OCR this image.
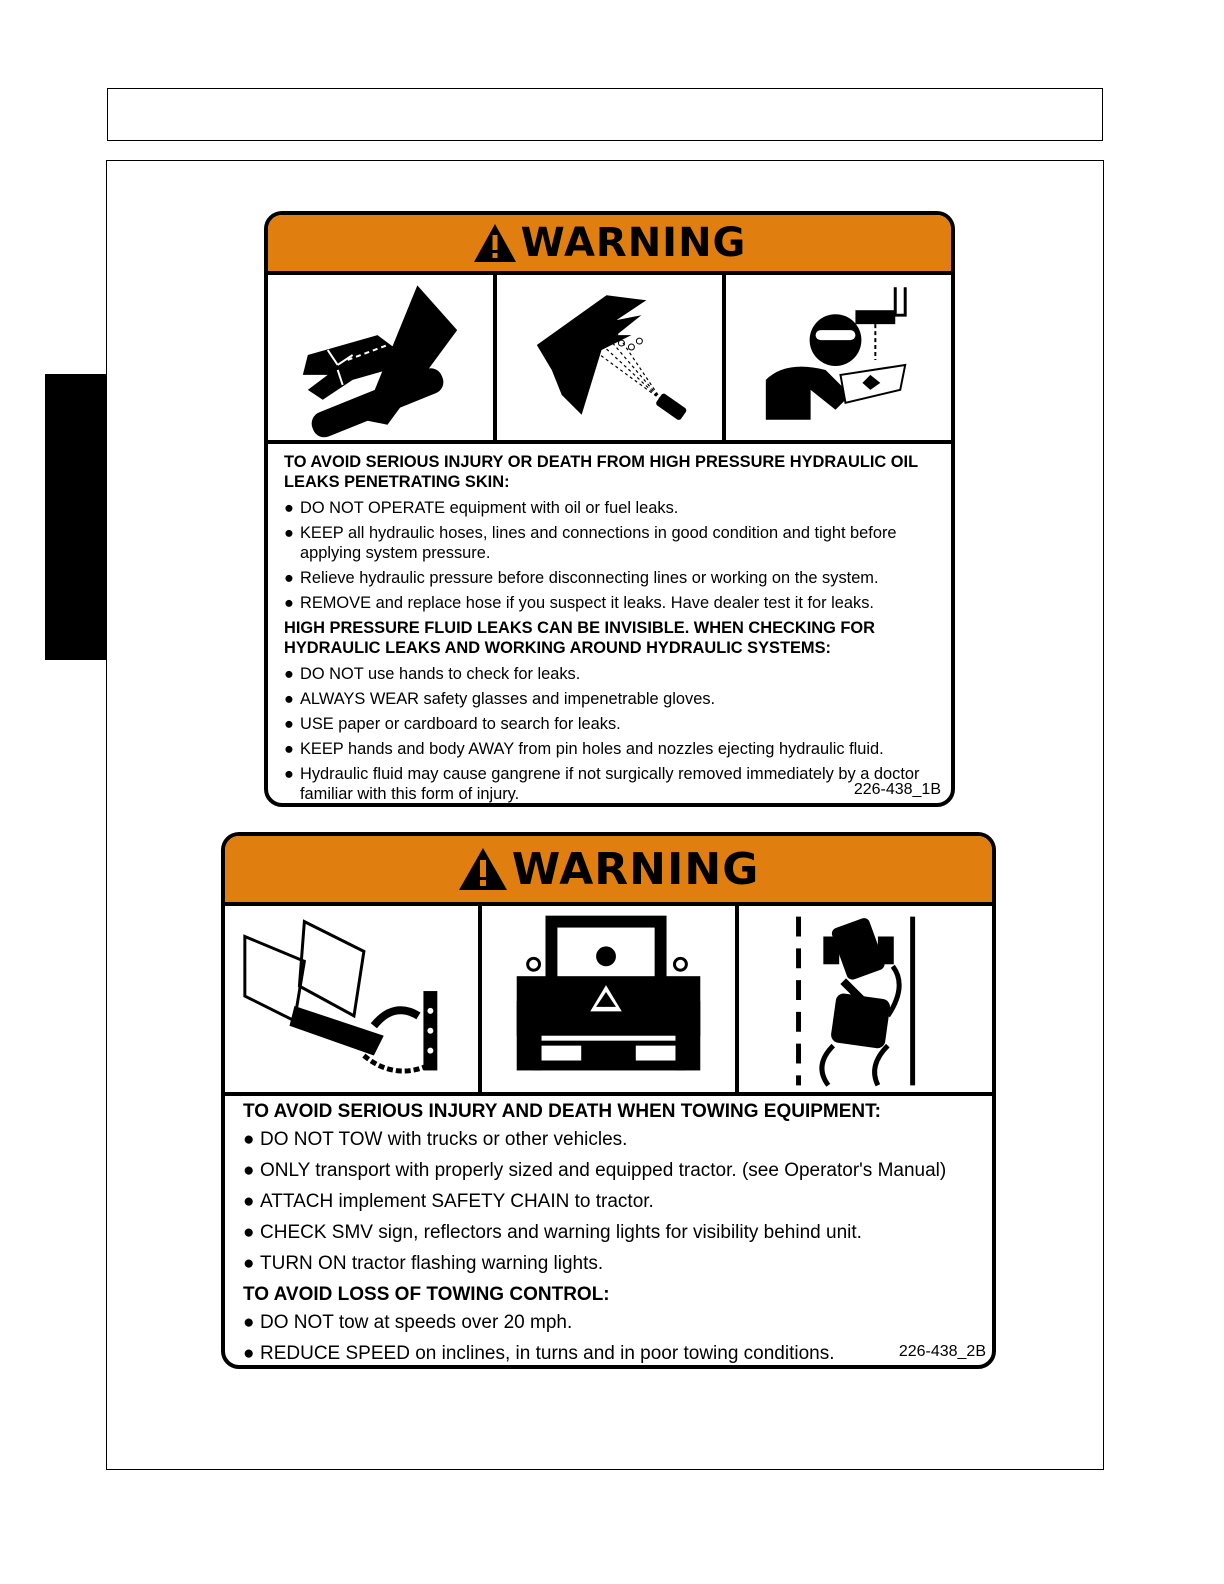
WARNING

TO AVOID SERIOUS INJURY OR DEATH FROM HIGH PRESSURE HYDRAULIC OIL LEAKS PENETRATING SKIN:

● DO NOT OPERATE equipment with oil or fuel leaks.
● KEEP all hydraulic hoses, lines and connections in good condition and tight before applying system pressure.
● Relieve hydraulic pressure before disconnecting lines or working on the system.
● REMOVE and replace hose if you suspect it leaks. Have dealer test it for leaks.

HIGH PRESSURE FLUID LEAKS CAN BE INVISIBLE. WHEN CHECKING FOR HYDRAULIC LEAKS AND WORKING AROUND HYDRAULIC SYSTEMS:

● DO NOT use hands to check for leaks.
● ALWAYS WEAR safety glasses and impenetrable gloves.
● USE paper or cardboard to search for leaks.
● KEEP hands and body AWAY from pin holes and nozzles ejecting hydraulic fluid.
● Hydraulic fluid may cause gangrene if not surgically removed immediately by a doctor familiar with this form of injury.	226-438_1B
WARNING

TO AVOID SERIOUS INJURY AND DEATH WHEN TOWING EQUIPMENT:

● DO NOT TOW with trucks or other vehicles.
● ONLY transport with properly sized and equipped tractor. (see Operator's Manual)
● ATTACH implement SAFETY CHAIN to tractor.
● CHECK SMV sign, reflectors and warning lights for visibility behind unit.
● TURN ON tractor flashing warning lights.

TO AVOID LOSS OF TOWING CONTROL:

● DO NOT tow at speeds over 20 mph.
● REDUCE SPEED on inclines, in turns and in poor towing conditions.	226-438_2B
